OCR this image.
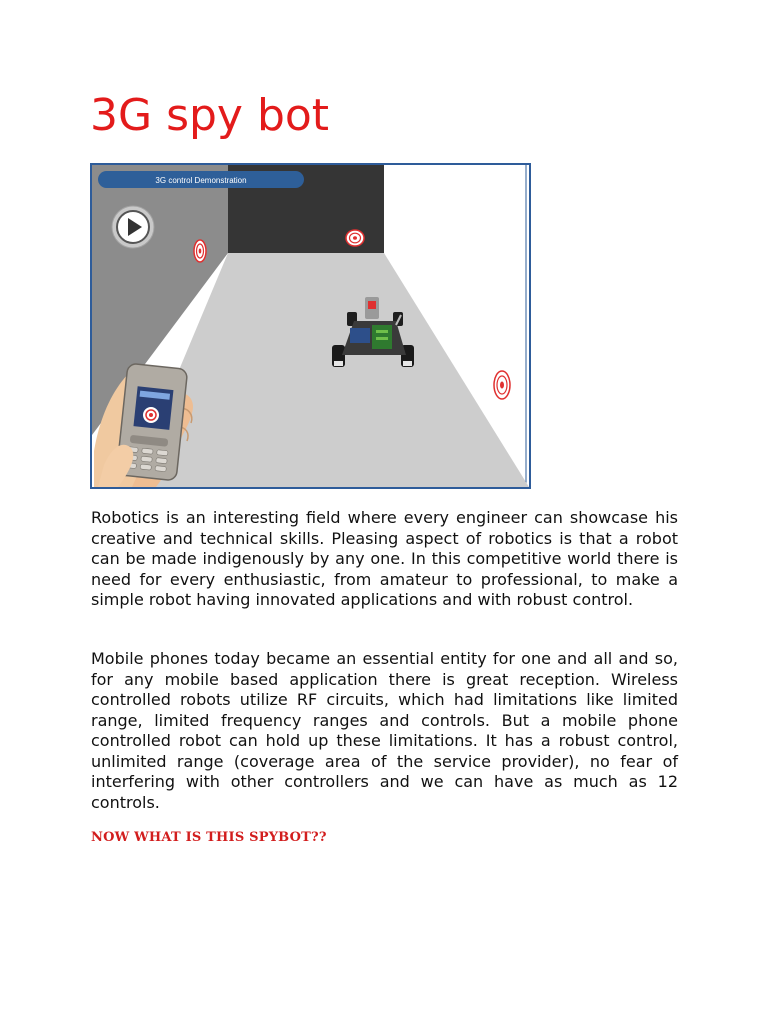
3G spy bot
3G control Demonstration

Robotics is an interesting field where every engineer can showcase his creative and technical skills. Pleasing aspect of robotics is that a robot can be made indigenously by any one. In this competitive world there is need for every enthusiastic, from amateur to professional, to make a simple robot having innovated applications and with robust control.

Mobile phones today became an essential entity for one and all and so, for any mobile based application there is great reception. Wireless controlled robots utilize RF circuits, which had limitations like limited range, limited frequency ranges and controls. But a mobile phone controlled robot can hold up these limitations. It has a robust control, unlimited range (coverage area of the service provider), no fear of interfering with other controllers and we can have as much as 12 controls.

NOW WHAT IS THIS SPYBOT??
